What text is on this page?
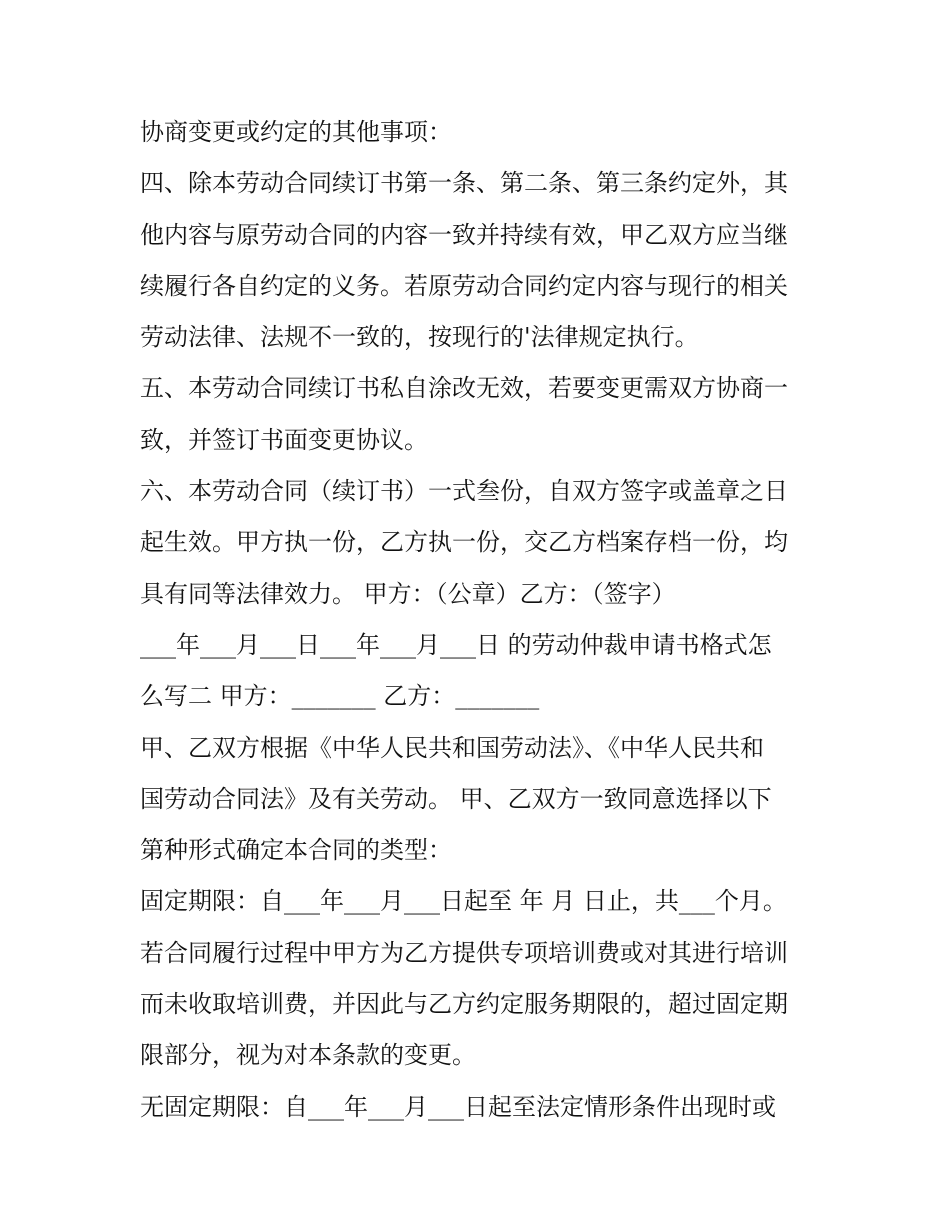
协商变更或约定的其他事项：
四、除本劳动合同续订书第一条、第二条、第三条约定外，其
他内容与原劳动合同的内容一致并持续有效，甲乙双方应当继
续履行各自约定的义务。若原劳动合同约定内容与现行的相关
劳动法律、法规不一致的，按现行的'法律规定执行。
五、本劳动合同续订书私自涂改无效，若要变更需双方协商一
致，并签订书面变更协议。
六、本劳动合同（续订书）一式叁份，自双方签字或盖章之日
起生效。甲方执一份，乙方执一份，交乙方档案存档一份，均
具有同等法律效力。 甲方：（公章）乙方：（签字）
___年___月___日___年___月___日 的劳动仲裁申请书格式怎
么写二 甲方：_______ 乙方：_______
甲、乙双方根据《中华人民共和国劳动法》、《中华人民共和
国劳动合同法》及有关劳动。 甲、乙双方一致同意选择以下
第种形式确定本合同的类型：
固定期限：自___年___月___日起至 年 月 日止，共___个月。
若合同履行过程中甲方为乙方提供专项培训费或对其进行培训
而未收取培训费，并因此与乙方约定服务期限的，超过固定期
限部分，视为对本条款的变更。
无固定期限：自___年___月___日起至法定情形条件出现时或
